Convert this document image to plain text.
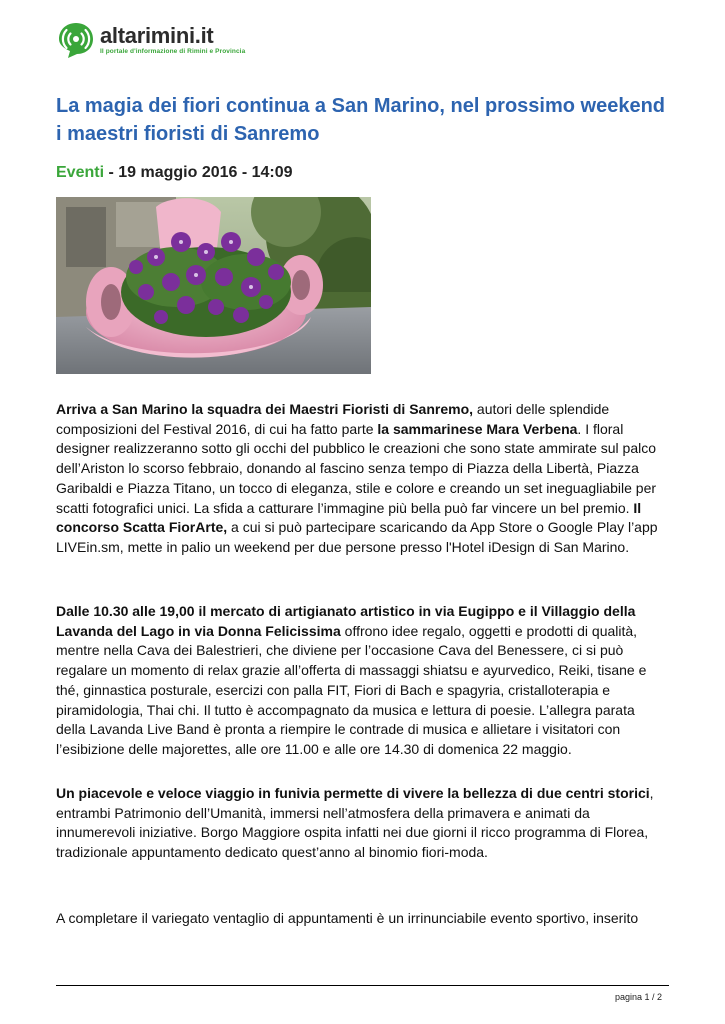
altarimini.it
Il portale d'informazione di Rimini e Provincia
La magia dei fiori continua a San Marino, nel prossimo weekend i maestri fioristi di Sanremo
Eventi - 19 maggio 2016 - 14:09

Arriva a San Marino la squadra dei Maestri Fioristi di Sanremo, autori delle splendide composizioni del Festival 2016, di cui ha fatto parte la sammarinese Mara Verbena. I floral designer realizzeranno sotto gli occhi del pubblico le creazioni che sono state ammirate sul palco dell’Ariston lo scorso febbraio, donando al fascino senza tempo di Piazza della Libertà, Piazza Garibaldi e Piazza Titano, un tocco di eleganza, stile e colore e creando un set ineguagliabile per scatti fotografici unici. La sfida a catturare l’immagine più bella può far vincere un bel premio. Il concorso Scatta FiorArte, a cui si può partecipare scaricando da App Store o Google Play l’app LIVEin.sm, mette in palio un weekend per due persone presso l'Hotel iDesign di San Marino.

Dalle 10.30 alle 19,00 il mercato di artigianato artistico in via Eugippo e il Villaggio della Lavanda del Lago in via Donna Felicissima offrono idee regalo, oggetti e prodotti di qualità, mentre nella Cava dei Balestrieri, che diviene per l’occasione Cava del Benessere, ci si può regalare un momento di relax grazie all’offerta di massaggi shiatsu e ayurvedico, Reiki, tisane e thé, ginnastica posturale, esercizi con palla FIT, Fiori di Bach e spagyria, cristalloterapia e piramidologia, Thai chi. Il tutto è accompagnato da musica e lettura di poesie. L’allegra parata della Lavanda Live Band è pronta a riempire le contrade di musica e allietare i visitatori con l’esibizione delle majorettes, alle ore 11.00 e alle ore 14.30 di domenica 22 maggio.

Un piacevole e veloce viaggio in funivia permette di vivere la bellezza di due centri storici, entrambi Patrimonio dell’Umanità, immersi nell’atmosfera della primavera e animati da innumerevoli iniziative. Borgo Maggiore ospita infatti nei due giorni il ricco programma di Florea, tradizionale appuntamento dedicato quest’anno al binomio fiori-moda.

A completare il variegato ventaglio di appuntamenti è un irrinunciabile evento sportivo, inserito

pagina 1 / 2
